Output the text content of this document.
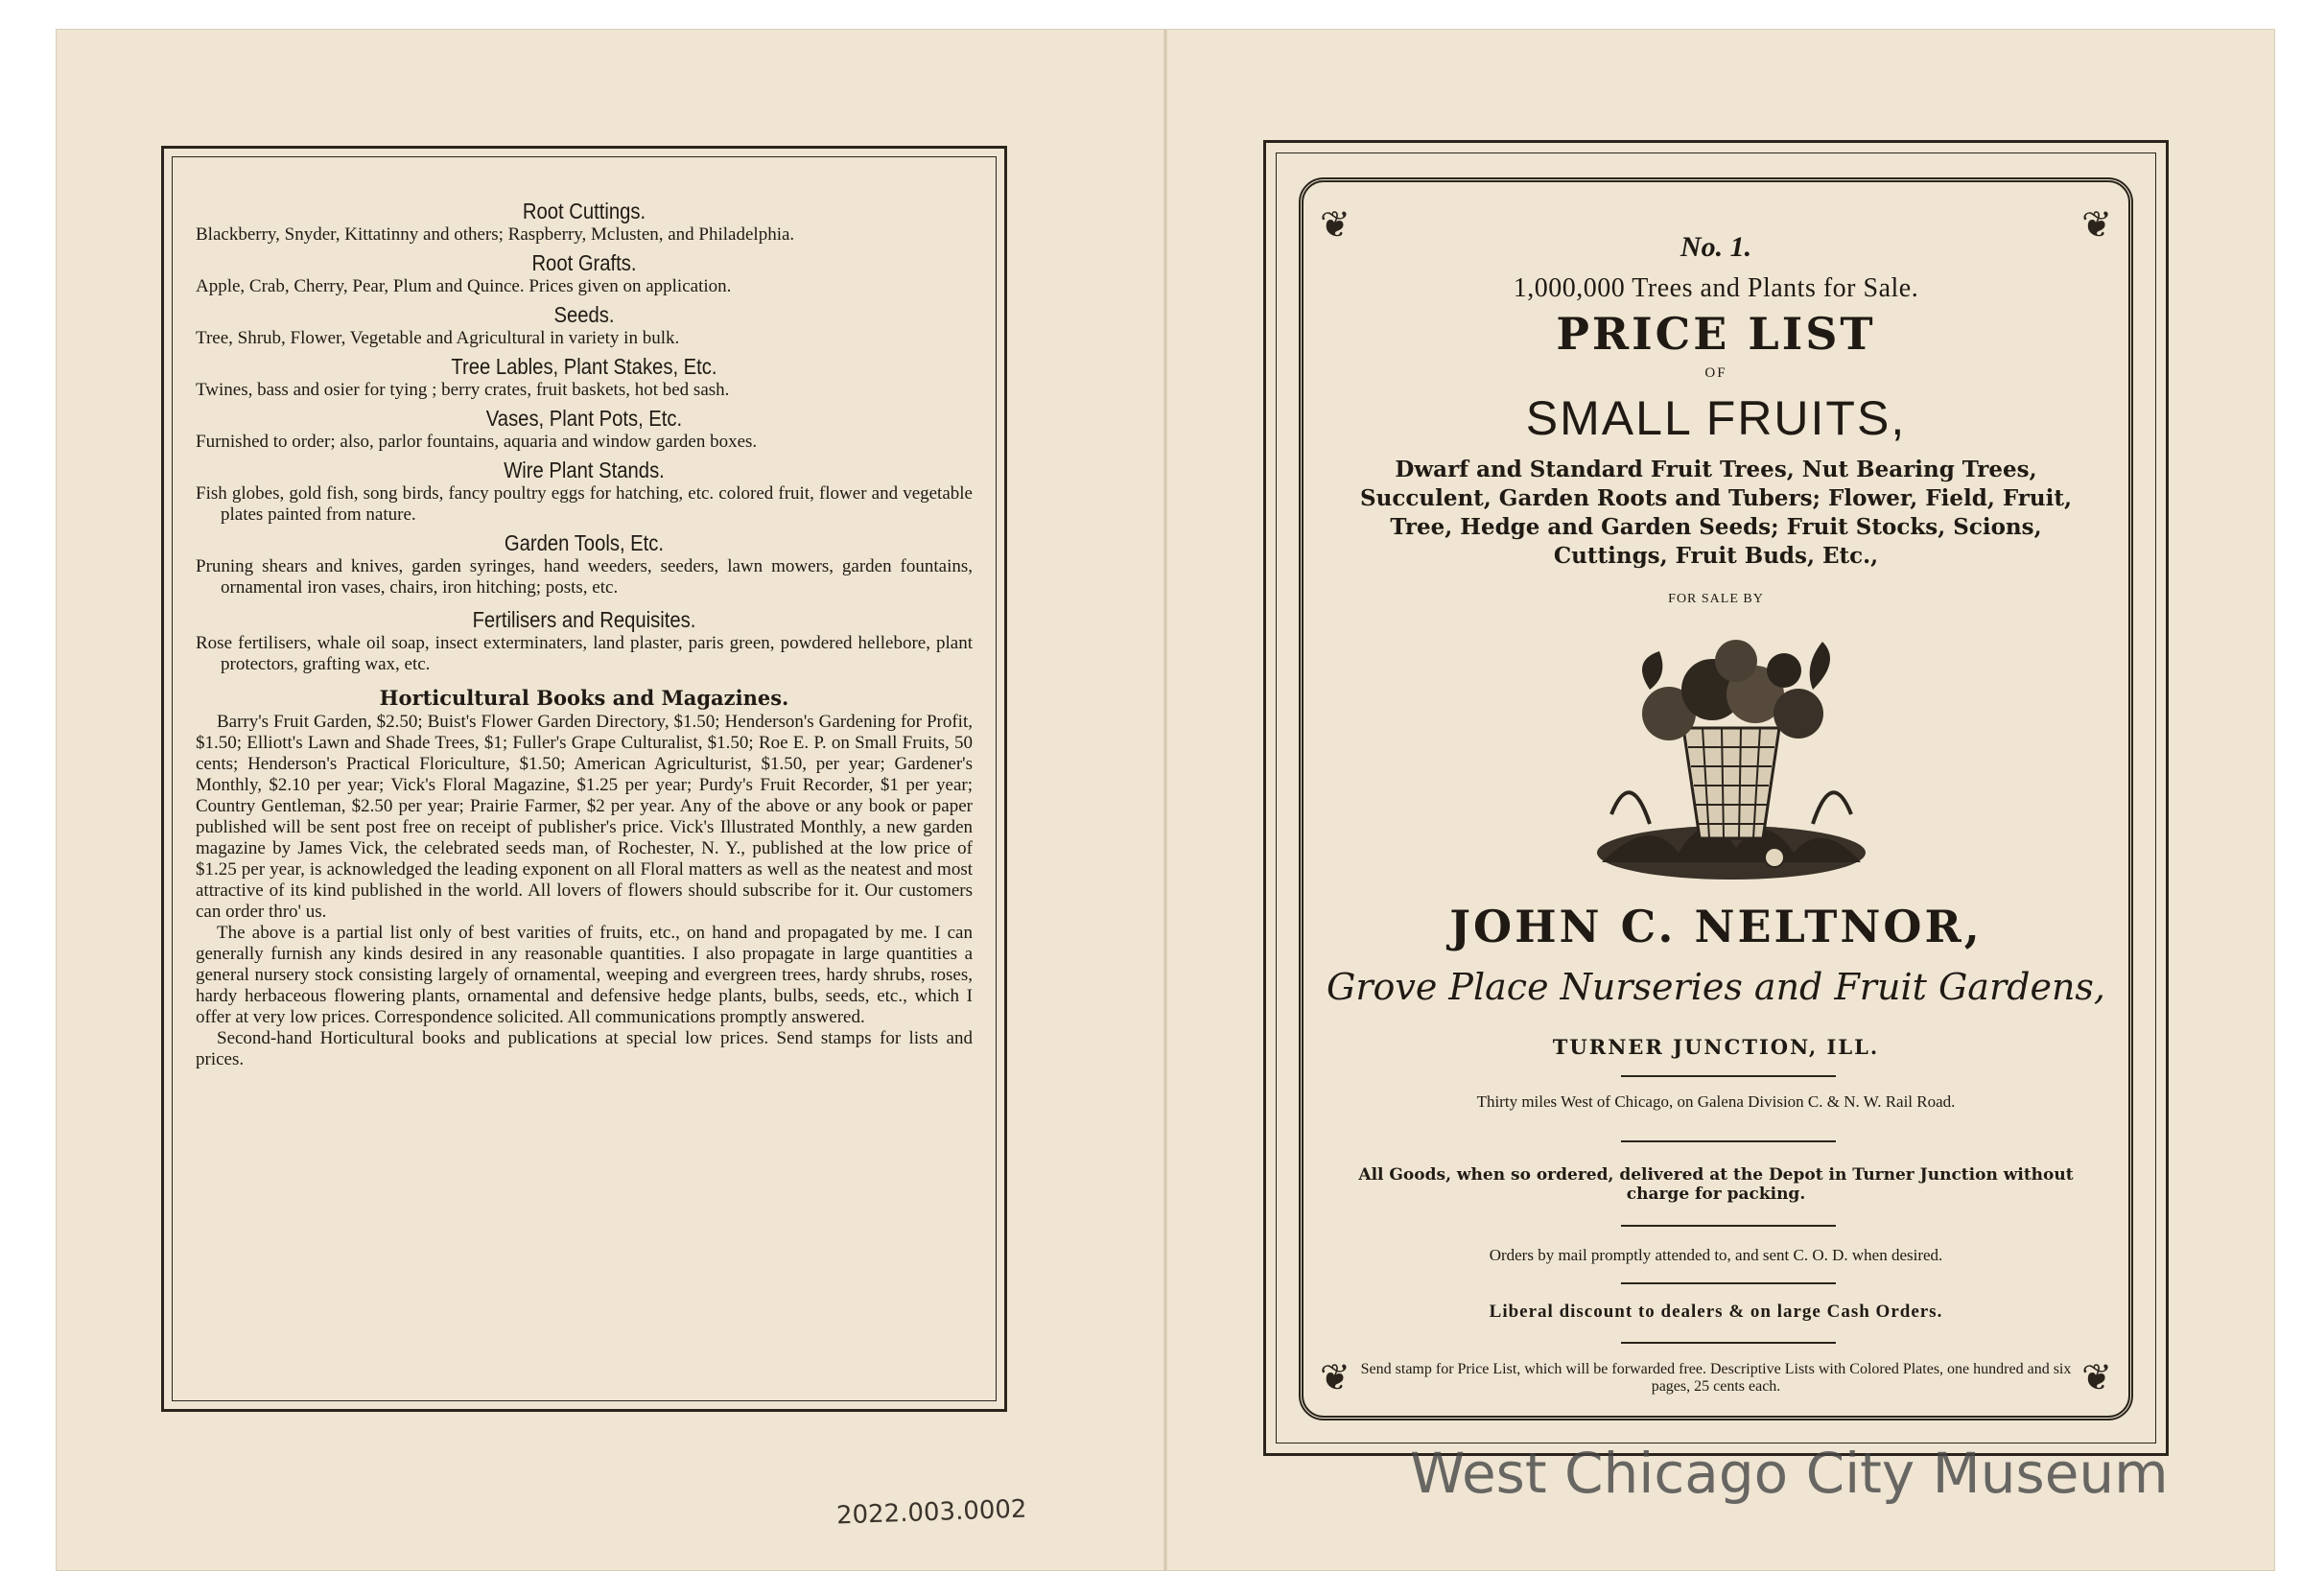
Root Cuttings.

Blackberry, Snyder, Kittatinny and others; Raspberry, Mclusten, and Philadelphia.

Root Grafts.

Apple, Crab, Cherry, Pear, Plum and Quince. Prices given on application.

Seeds.

Tree, Shrub, Flower, Vegetable and Agricultural in variety in bulk.

Tree Lables, Plant Stakes, Etc.

Twines, bass and osier for tying ; berry crates, fruit baskets, hot bed sash.

Vases, Plant Pots, Etc.

Furnished to order; also, parlor fountains, aquaria and window garden boxes.

Wire Plant Stands.

Fish globes, gold fish, song birds, fancy poultry eggs for hatching, etc. colored fruit, flower and vegetable plates painted from nature.

Garden Tools, Etc.

Pruning shears and knives, garden syringes, hand weeders, seeders, lawn mowers, garden fountains, ornamental iron vases, chairs, iron hitching; posts, etc.

Fertilisers and Requisites.

Rose fertilisers, whale oil soap, insect exterminaters, land plaster, paris green, powdered hellebore, plant protectors, grafting wax, etc.

Horticultural Books and Magazines.

Barry's Fruit Garden, $2.50; Buist's Flower Garden Directory, $1.50; Henderson's Gardening for Profit, $1.50; Elliott's Lawn and Shade Trees, $1; Fuller's Grape Culturalist, $1.50; Roe E. P. on Small Fruits, 50 cents; Henderson's Practical Floriculture, $1.50; American Agriculturist, $1.50, per year; Gardener's Monthly, $2.10 per year; Vick's Floral Magazine, $1.25 per year; Purdy's Fruit Recorder, $1 per year; Country Gentleman, $2.50 per year; Prairie Farmer, $2 per year. Any of the above or any book or paper published will be sent post free on receipt of publisher's price. Vick's Illustrated Monthly, a new garden magazine by James Vick, the celebrated seeds man, of Rochester, N. Y., published at the low price of $1.25 per year, is acknowledged the leading exponent on all Floral matters as well as the neatest and most attractive of its kind published in the world. All lovers of flowers should subscribe for it. Our customers can order thro' us.

The above is a partial list only of best varities of fruits, etc., on hand and propagated by me. I can generally furnish any kinds desired in any reasonable quantities. I also propagate in large quantities a general nursery stock consisting largely of ornamental, weeping and evergreen trees, hardy shrubs, roses, hardy herbaceous flowering plants, ornamental and defensive hedge plants, bulbs, seeds, etc., which I offer at very low prices. Correspondence solicited. All communications promptly answered.

Second-hand Horticultural books and publications at special low prices. Send stamps for lists and prices.

❦	❦
❦	❦
No. 1.
1,000,000 Trees and Plants for Sale.
PRICE LIST
OF
SMALL FRUITS,
Dwarf and Standard Fruit Trees, Nut Bearing Trees, Succulent, Garden Roots and Tubers; Flower, Field, Fruit, Tree, Hedge and Garden Seeds; Fruit Stocks, Scions, Cuttings, Fruit Buds, Etc.,
FOR SALE BY
JOHN C. NELTNOR,
Grove Place Nurseries and Fruit Gardens,
TURNER JUNCTION, ILL.
Thirty miles West of Chicago, on Galena Division C. & N. W. Rail Road.
All Goods, when so ordered, delivered at the Depot in Turner Junction without charge for packing.
Orders by mail promptly attended to, and sent C. O. D. when desired.
Liberal discount to dealers & on large Cash Orders.
Send stamp for Price List, which will be forwarded free. Descriptive Lists with Colored Plates, one hundred and six pages, 25 cents each.
2022.003.0002
West Chicago City Museum
